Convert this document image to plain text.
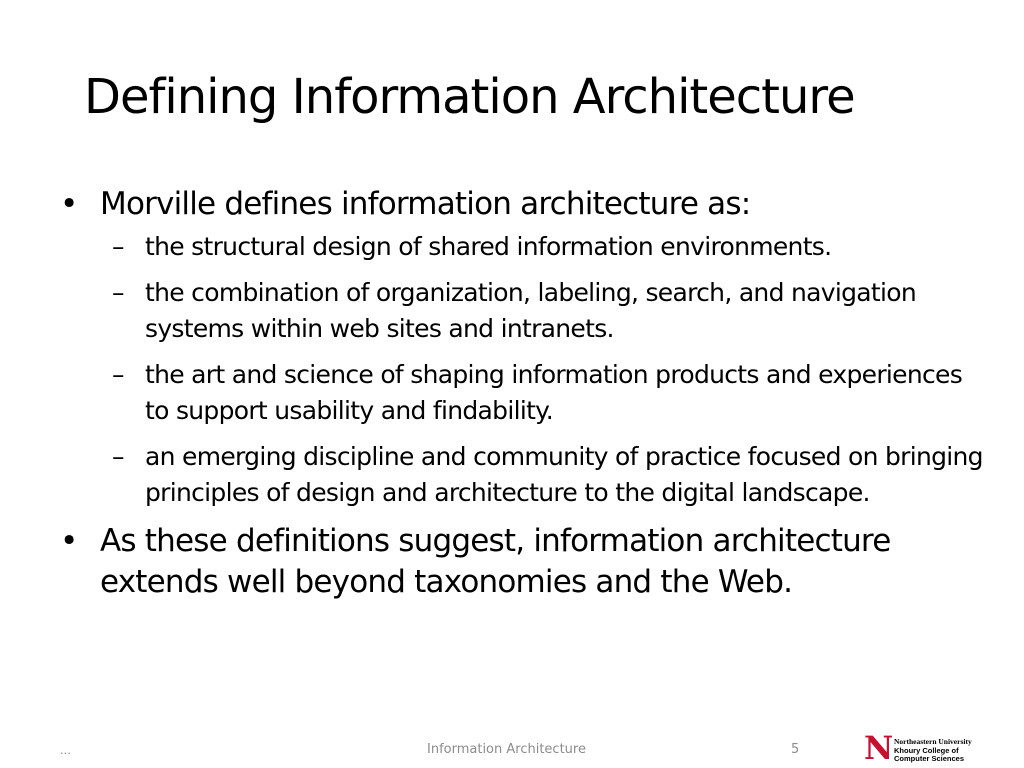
Defining Information Architecture
• Morville defines information architecture as:
– the structural design of shared information environments.
– the combination of organization, labeling, search, and navigation systems within web sites and intranets.
– the art and science of shaping information products and experiences to support usability and findability.
– an emerging discipline and community of practice focused on bringing principles of design and architecture to the digital landscape.
• As these definitions suggest, information architecture extends well beyond taxonomies and the Web.
...	Information Architecture	5 N Northeastern University
Khoury College of
Computer Sciences
